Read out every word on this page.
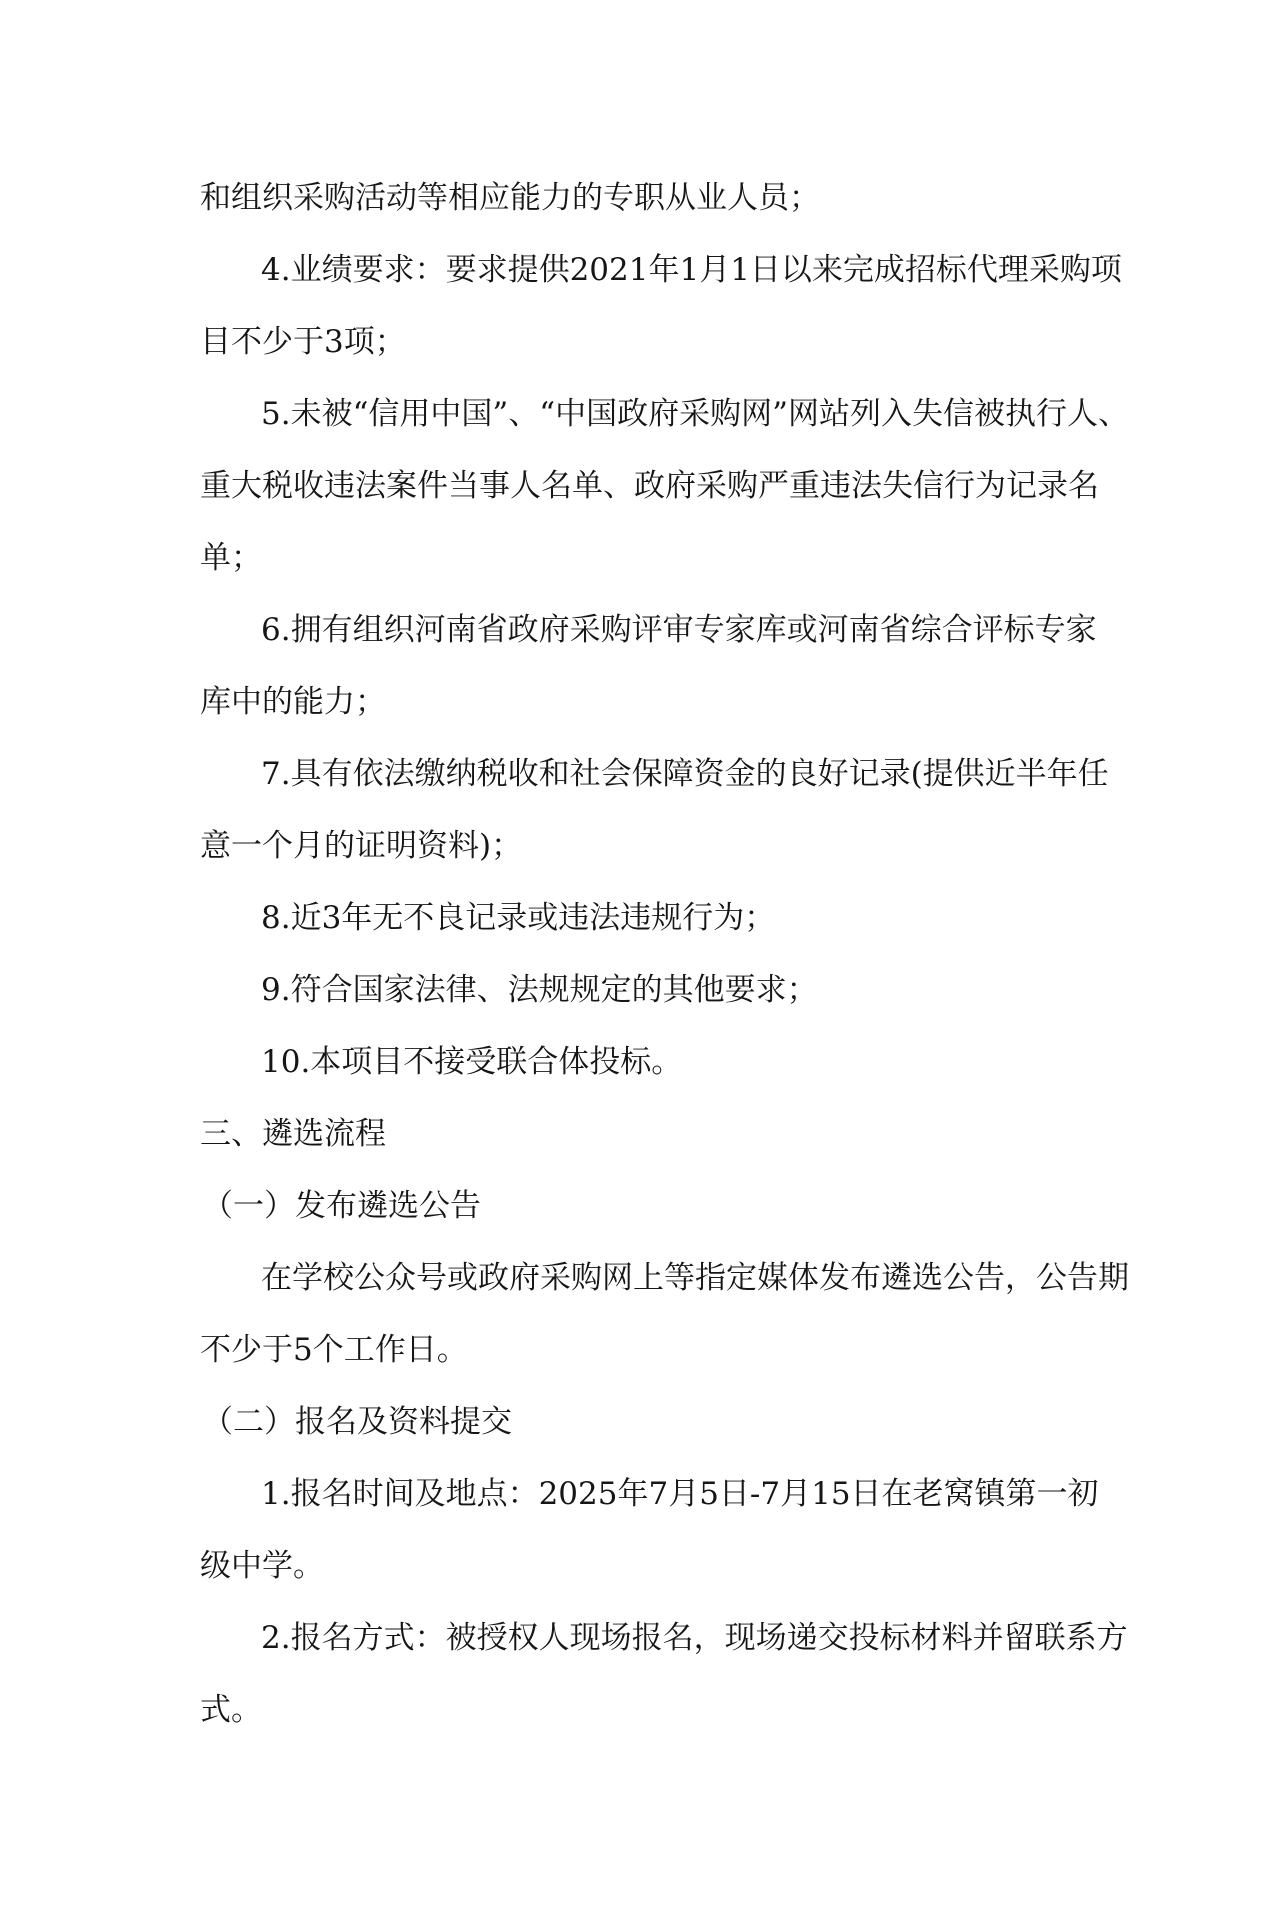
和组织采购活动等相应能力的专职从业人员；

4.业绩要求：要求提供2021年1月1日以来完成招标代理采购项

目不少于3项；

5.未被“信用中国”、“中国政府采购网”网站列入失信被执行人、

重大税收违法案件当事人名单、政府采购严重违法失信行为记录名

单；

6.拥有组织河南省政府采购评审专家库或河南省综合评标专家

库中的能力；

7.具有依法缴纳税收和社会保障资金的良好记录(提供近半年任

意一个月的证明资料)；

8.近3年无不良记录或违法违规行为；

9.符合国家法律、法规规定的其他要求；

10.本项目不接受联合体投标。

三、遴选流程

（一）发布遴选公告

在学校公众号或政府采购网上等指定媒体发布遴选公告，公告期

不少于5个工作日。

（二）报名及资料提交

1.报名时间及地点：2025年7月5日-7月15日在老窝镇第一初

级中学。

2.报名方式：被授权人现场报名，现场递交投标材料并留联系方

式。
